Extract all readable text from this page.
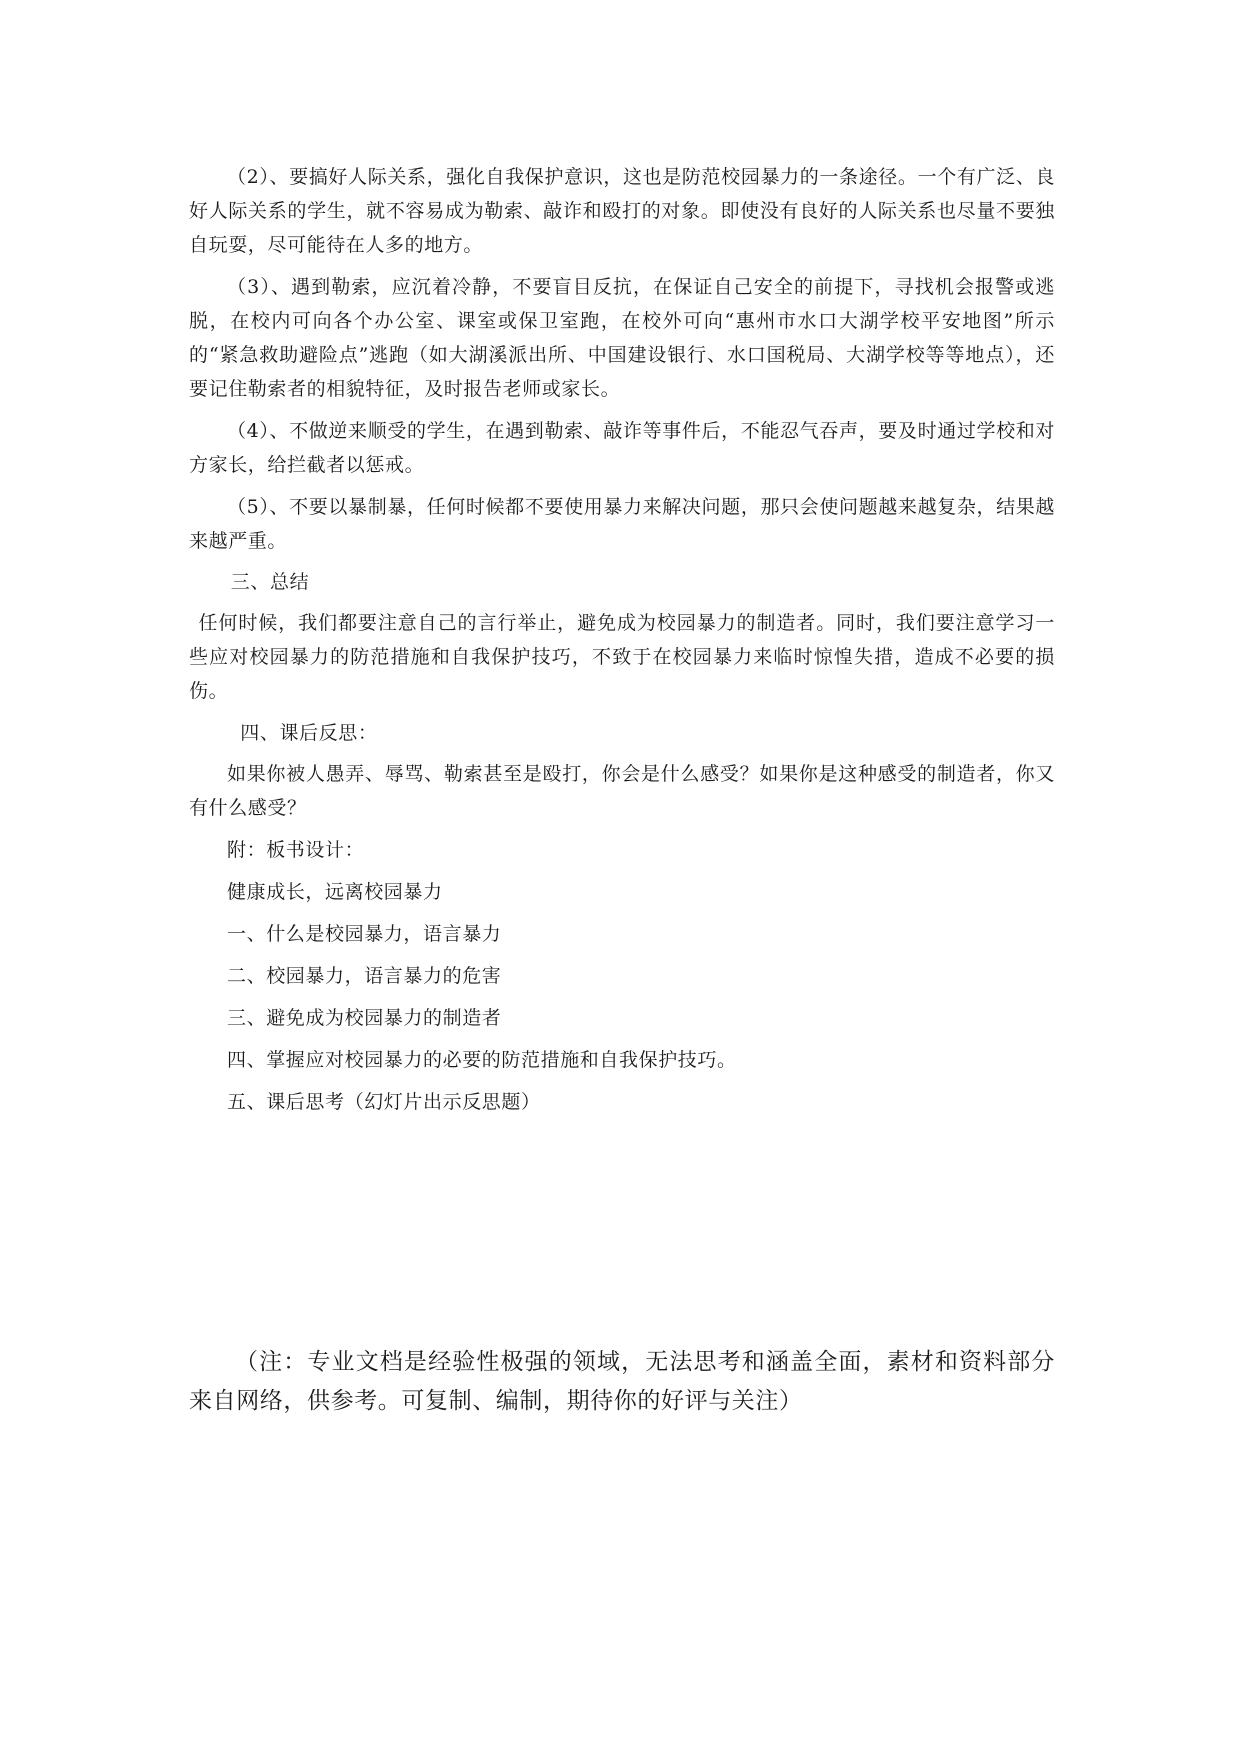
（2）、要搞好人际关系，强化自我保护意识，这也是防范校园暴力的一条途径。一个有广泛、良好人际关系的学生，就不容易成为勒索、敲诈和殴打的对象。即使没有良好的人际关系也尽量不要独自玩耍，尽可能待在人多的地方。

（3）、遇到勒索，应沉着冷静，不要盲目反抗，在保证自己安全的前提下，寻找机会报警或逃脱，在校内可向各个办公室、课室或保卫室跑，在校外可向“惠州市水口大湖学校平安地图”所示的“紧急救助避险点”逃跑（如大湖溪派出所、中国建设银行、水口国税局、大湖学校等等地点），还要记住勒索者的相貌特征，及时报告老师或家长。

（4）、不做逆来顺受的学生，在遇到勒索、敲诈等事件后，不能忍气吞声，要及时通过学校和对方家长，给拦截者以惩戒。

（5）、不要以暴制暴，任何时候都不要使用暴力来解决问题，那只会使问题越来越复杂，结果越来越严重。

三、总结

任何时候，我们都要注意自己的言行举止，避免成为校园暴力的制造者。同时，我们要注意学习一些应对校园暴力的防范措施和自我保护技巧，不致于在校园暴力来临时惊惶失措，造成不必要的损伤。

四、课后反思：

如果你被人愚弄、辱骂、勒索甚至是殴打，你会是什么感受？如果你是这种感受的制造者，你又有什么感受？

附：板书设计：

健康成长，远离校园暴力

一、什么是校园暴力，语言暴力

二、校园暴力，语言暴力的危害

三、避免成为校园暴力的制造者

四、掌握应对校园暴力的必要的防范措施和自我保护技巧。

五、课后思考（幻灯片出示反思题）

（注：专业文档是经验性极强的领域，无法思考和涵盖全面，素材和资料部分来自网络，供参考。可复制、编制，期待你的好评与关注）
